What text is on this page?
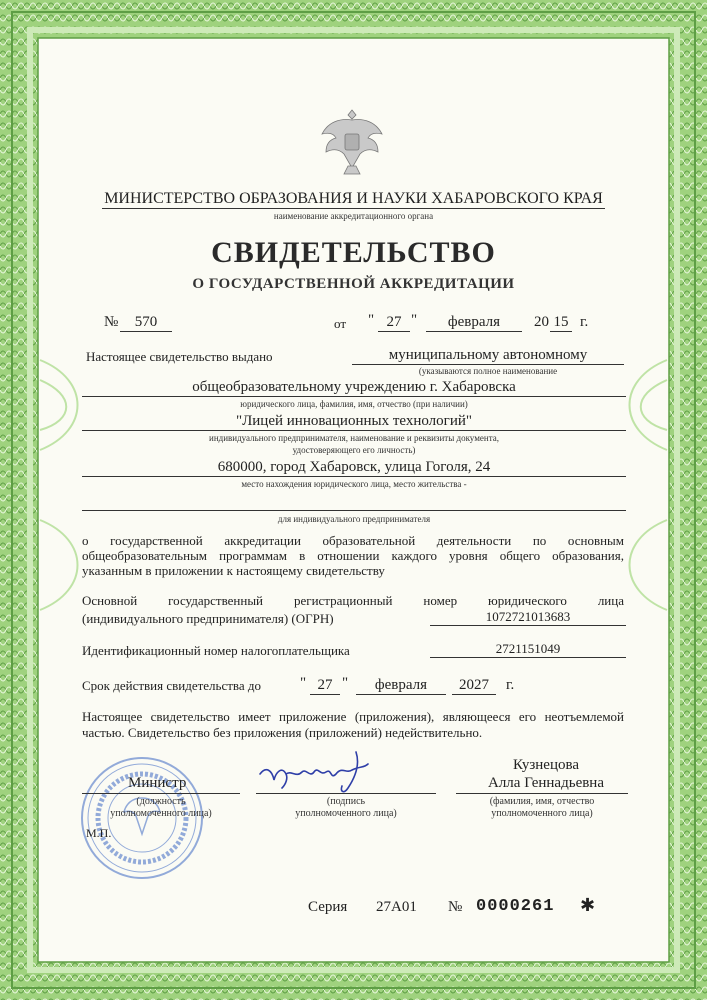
МИНИСТЕРСТВО ОБРАЗОВАНИЯ И НАУКИ ХАБАРОВСКОГО КРАЯ
наименование аккредитационного органа
СВИДЕТЕЛЬСТВО
О ГОСУДАРСТВЕННОЙ АККРЕДИТАЦИИ
№	570	от " 27 "	февраля	20 15 г.
Настоящее свидетельство выдано	муниципальному автономному
(указываются полное наименование
общеобразовательному учреждению г. Хабаровска
юридического лица, фамилия, имя, отчество (при наличии)
"Лицей инновационных технологий"
индивидуального предпринимателя, наименование и реквизиты документа,
удостоверяющего его личность)
680000, город Хабаровск, улица Гоголя, 24
место нахождения юридического лица, место жительства -
для индивидуального предпринимателя
о государственной аккредитации образовательной деятельности по основным общеобразовательным программам в отношении каждого уровня общего образования, указанным в приложении к настоящему свидетельству
Основной государственный регистрационный номер юридического лица
(индивидуального предпринимателя) (ОГРН)	1072721013683
Идентификационный номер налогоплательщика	2721151049
Срок действия свидетельства до	" 27 "	февраля	2027	г.
Настоящее свидетельство имеет приложение (приложения), являющееся его неотъемлемой частью. Свидетельство без приложения (приложений) недействительно.
Министр
(должность
уполномоченного лица)
(подпись
уполномоченного лица)
Кузнецова
Алла Геннадьевна
(фамилия, имя, отчество
уполномоченного лица)
М.П.
Серия 27А01 № 0000261 ✱
